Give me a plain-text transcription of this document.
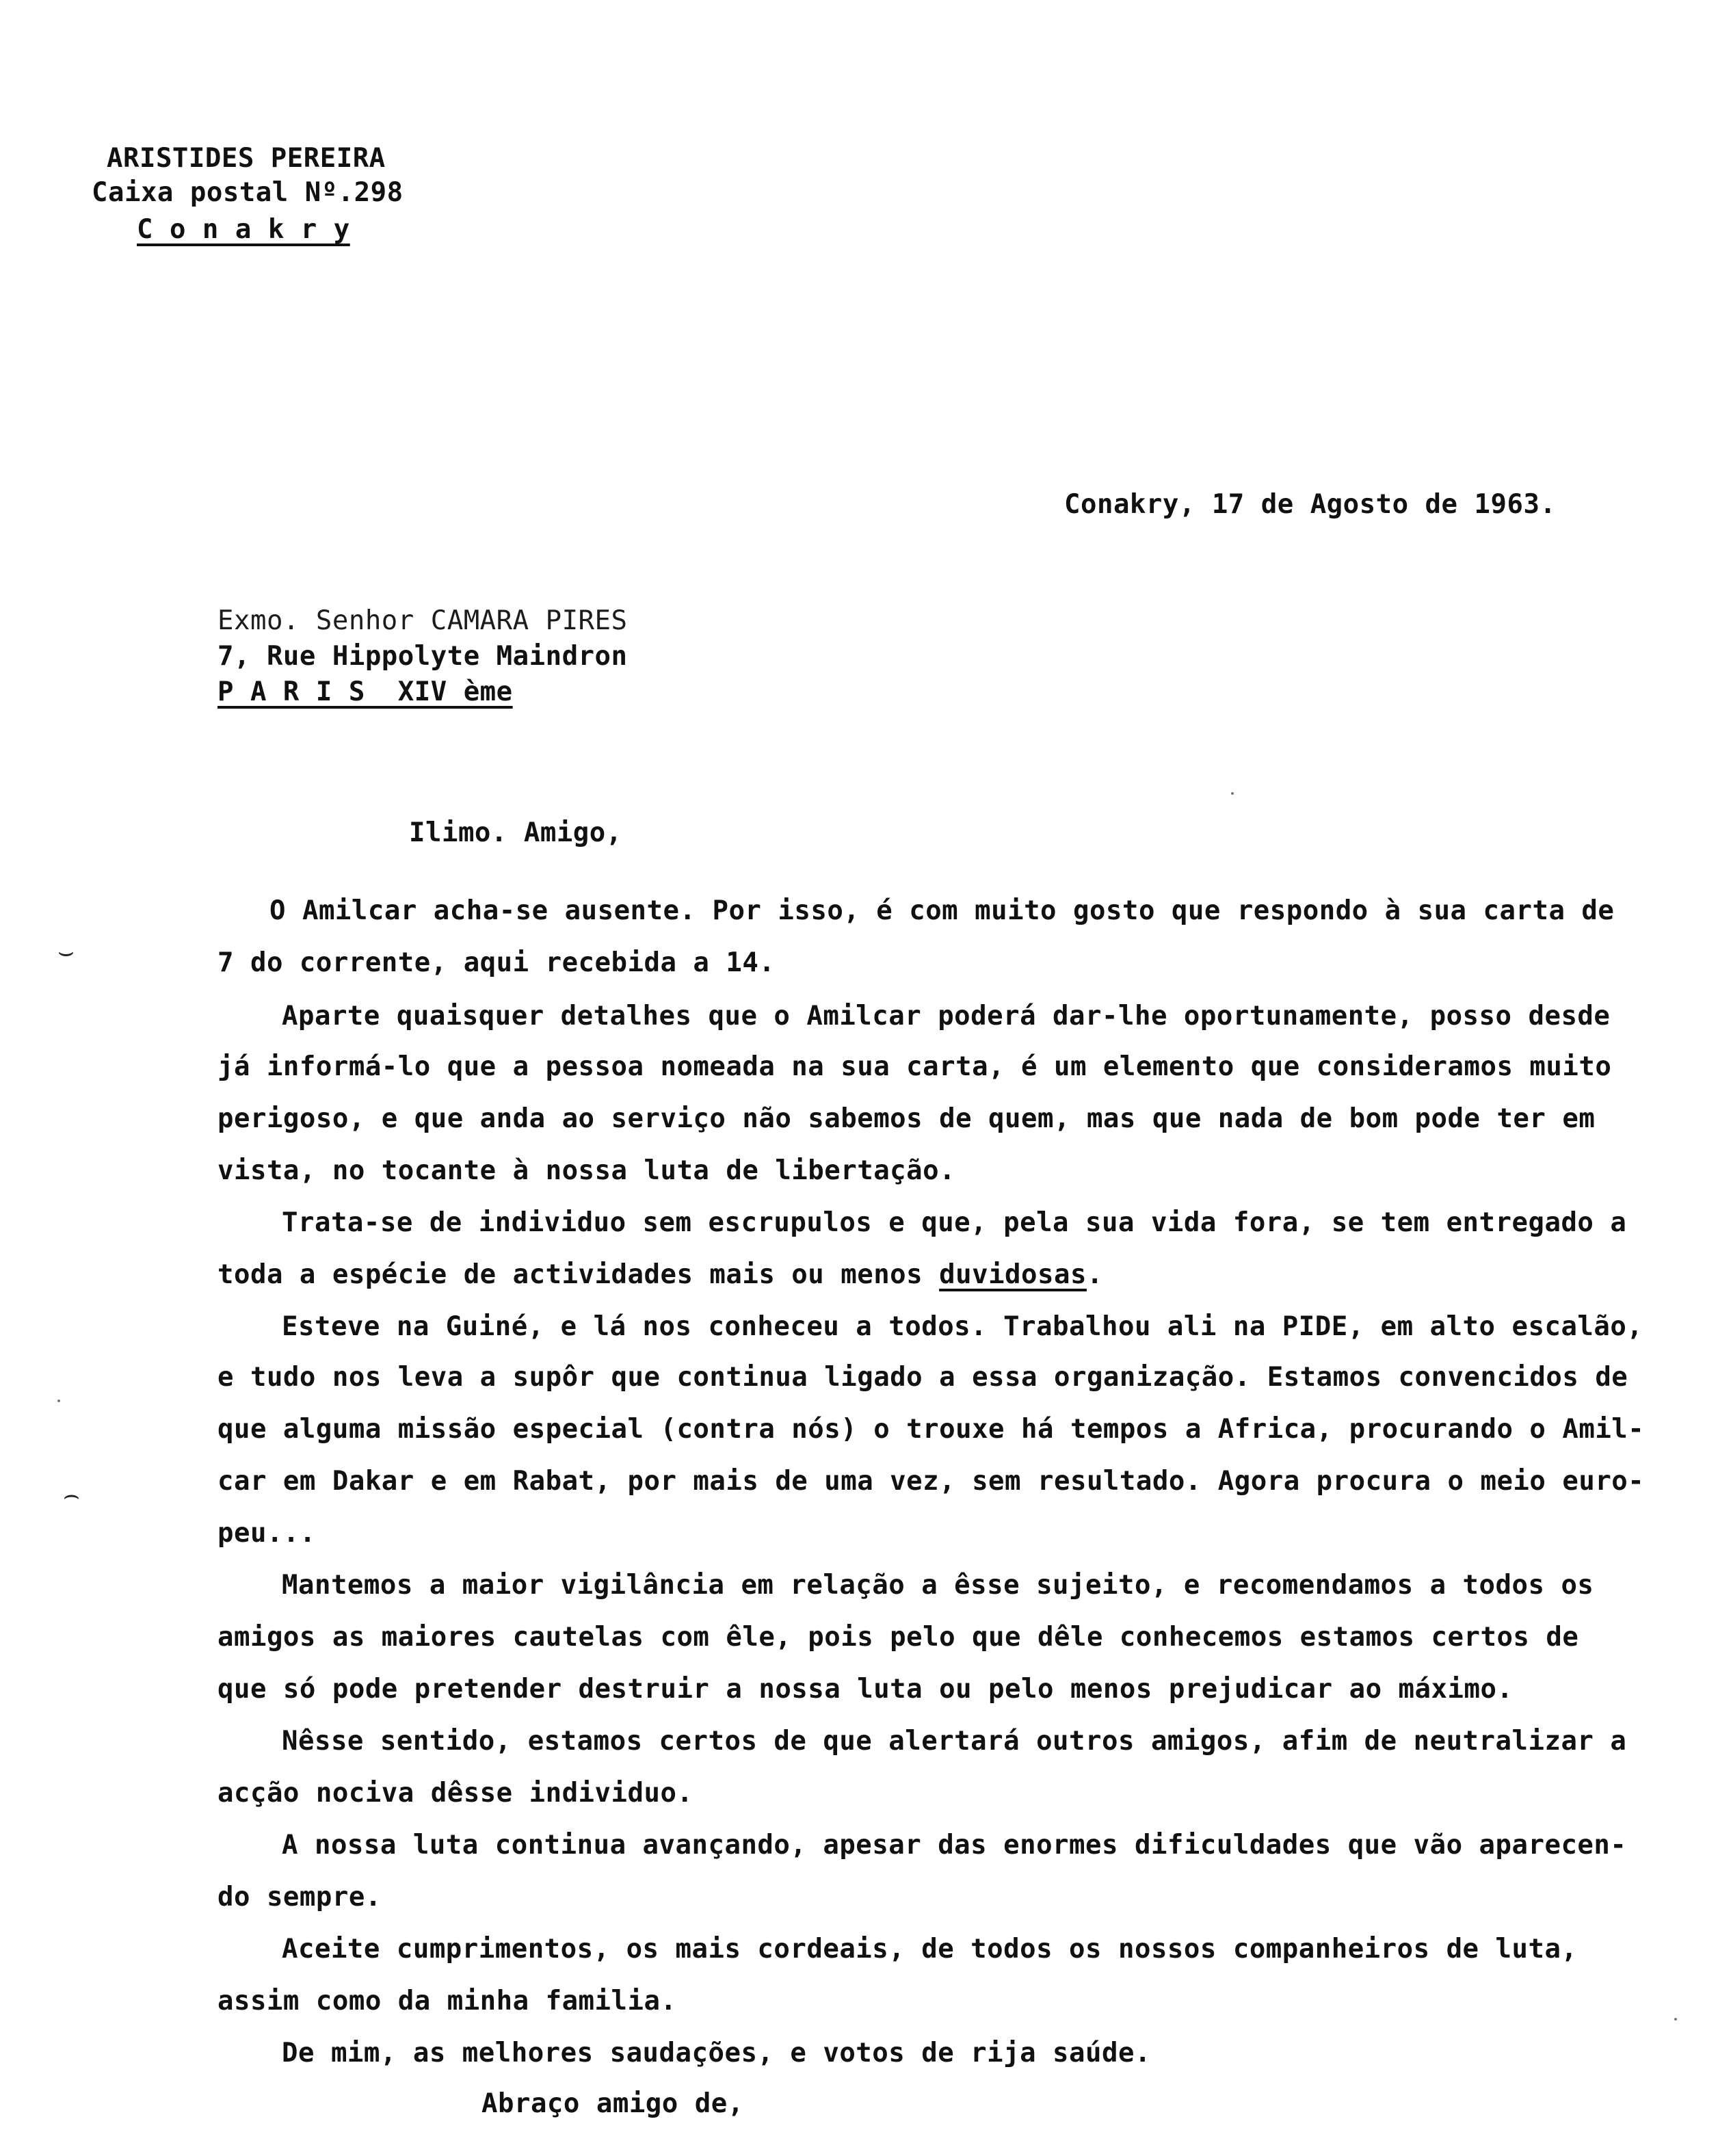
ARISTIDES PEREIRA
Caixa postal Nº.298
C o n a k r y
Conakry, 17 de Agosto de 1963.
Exmo. Senhor CAMARA PIRES
7, Rue Hippolyte Maindron
P A R I S  XIV ème
Ilimo. Amigo,
O Amilcar acha-se ausente. Por isso, é com muito gosto que respondo à sua carta de
7 do corrente, aqui recebida a 14.
Aparte quaisquer detalhes que o Amilcar poderá dar-lhe oportunamente, posso desde
já informá-lo que a pessoa nomeada na sua carta, é um elemento que consideramos muito
perigoso, e que anda ao serviço não sabemos de quem, mas que nada de bom pode ter em
vista, no tocante à nossa luta de libertação.
Trata-se de individuo sem escrupulos e que, pela sua vida fora, se tem entregado a
toda a espécie de actividades mais ou menos duvidosas.
Esteve na Guiné, e lá nos conheceu a todos. Trabalhou ali na PIDE, em alto escalão,
e tudo nos leva a supôr que continua ligado a essa organização. Estamos convencidos de
que alguma missão especial (contra nós) o trouxe há tempos a Africa, procurando o Amil-
car em Dakar e em Rabat, por mais de uma vez, sem resultado. Agora procura o meio euro-
peu...
Mantemos a maior vigilância em relação a êsse sujeito, e recomendamos a todos os
amigos as maiores cautelas com êle, pois pelo que dêle conhecemos estamos certos de
que só pode pretender destruir a nossa luta ou pelo menos prejudicar ao máximo.
Nêsse sentido, estamos certos de que alertará outros amigos, afim de neutralizar a
acção nociva dêsse individuo.
A nossa luta continua avançando, apesar das enormes dificuldades que vão aparecen-
do sempre.
Aceite cumprimentos, os mais cordeais, de todos os nossos companheiros de luta,
assim como da minha familia.
De mim, as melhores saudações, e votos de rija saúde.
Abraço amigo de,
⌣
⌢
